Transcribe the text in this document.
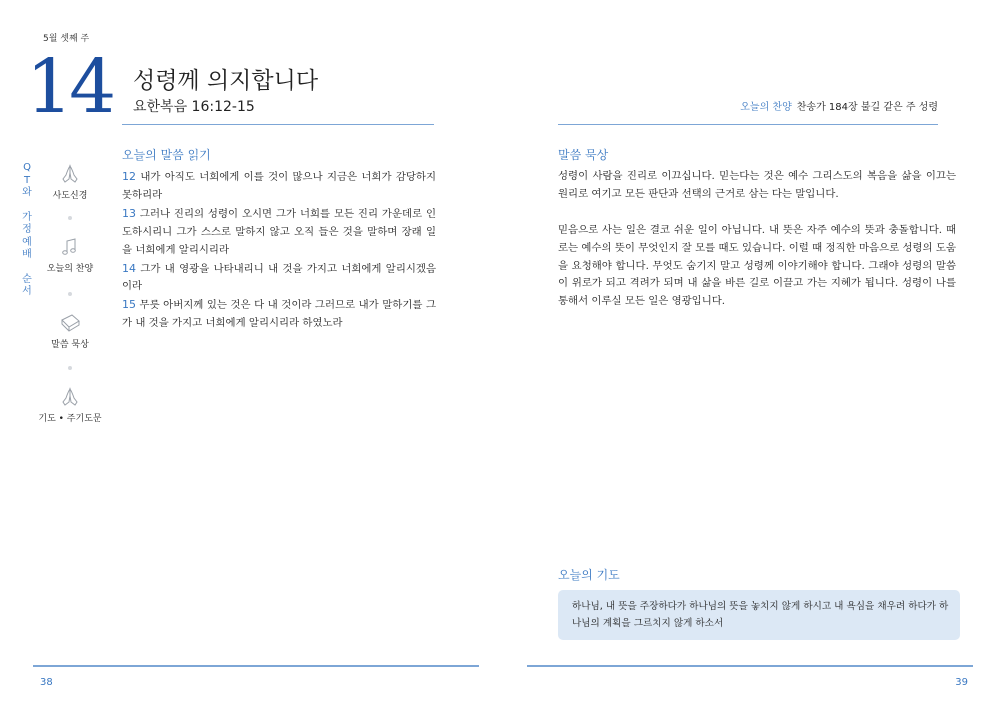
5월 셋째 주
14 성령께 의지합니다
요한복음 16:12-15	오늘의 찬양 찬송가 184장 불길 같은 주 성령
Q
T
와
가
정
예
배
순
서
사도신경
오늘의 찬양
말씀 묵상
기도 • 주기도문
오늘의 말씀 읽기
12 내가 아직도 너희에게 이를 것이 많으나 지금은 너희가 감당하지 못하리라
13 그러나 진리의 성령이 오시면 그가 너희를 모든 진리 가운데로 인도하시리니 그가 스스로 말하지 않고 오직 들은 것을 말하며 장래 일을 너희에게 알리시리라
14 그가 내 영광을 나타내리니 내 것을 가지고 너희에게 알리시겠음이라
15 무릇 아버지께 있는 것은 다 내 것이라 그러므로 내가 말하기를 그가 내 것을 가지고 너희에게 알리시리라 하였노라
말씀 묵상

성령이 사람을 진리로 이끄십니다. 믿는다는 것은 예수 그리스도의 복음을 삶을 이끄는 원리로 여기고 모든 판단과 선택의 근거로 삼는 다는 말입니다.

믿음으로 사는 일은 결코 쉬운 일이 아닙니다. 내 뜻은 자주 예수의 뜻과 충돌합니다. 때로는 예수의 뜻이 무엇인지 잘 모를 때도 있습니다. 이럴 때 정직한 마음으로 성령의 도움을 요청해야 합니다. 무엇도 숨기지 말고 성령께 이야기해야 합니다. 그래야 성령의 말씀이 위로가 되고 격려가 되며 내 삶을 바른 길로 이끌고 가는 지혜가 됩니다. 성령이 나를 통해서 이루실 모든 일은 영광입니다.

오늘의 기도
하나님, 내 뜻을 주장하다가 하나님의 뜻을 놓치지 않게 하시고 내 욕심을 채우려 하다가 하나님의 계획을 그르치지 않게 하소서
38	39
